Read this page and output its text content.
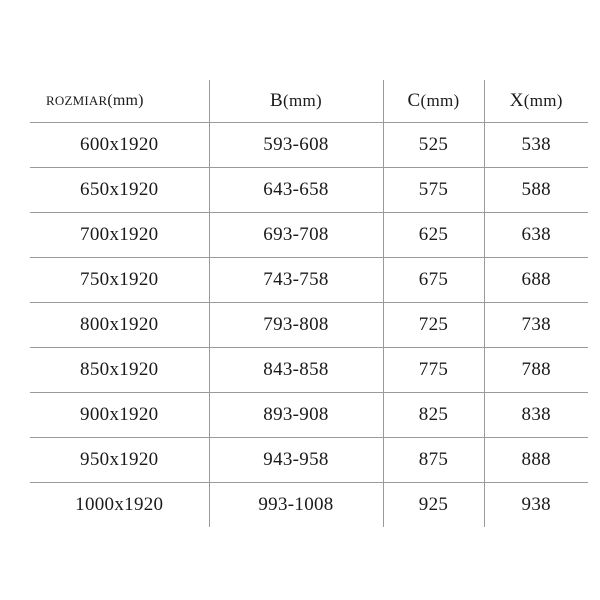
ROZMIAR(mm)	B(mm)	C(mm)	X(mm)
600x1920	593-608	525	538
650x1920	643-658	575	588
700x1920	693-708	625	638
750x1920	743-758	675	688
800x1920	793-808	725	738
850x1920	843-858	775	788
900x1920	893-908	825	838
950x1920	943-958	875	888
1000x1920	993-1008	925	938
